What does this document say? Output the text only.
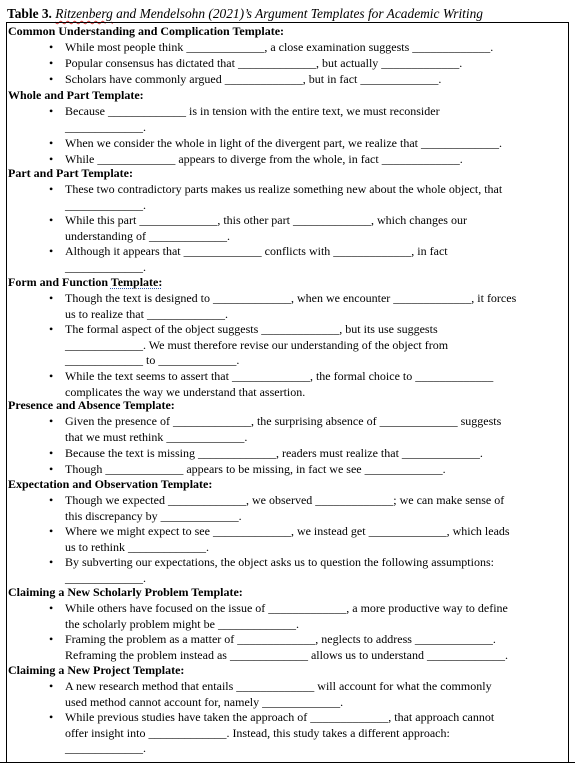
Table 3. Ritzenberg and Mendelsohn (2021)’s Argument Templates for Academic Writing
Common Understanding and Complication Template:
• While most people think _____________, a close examination suggests _____________.
• Popular consensus has dictated that _____________, but actually _____________.
• Scholars have commonly argued _____________, but in fact _____________.
Whole and Part Template:
• Because _____________ is in tension with the entire text, we must reconsider
_____________.
• When we consider the whole in light of the divergent part, we realize that _____________.
• While _____________ appears to diverge from the whole, in fact _____________.
Part and Part Template:
• These two contradictory parts makes us realize something new about the whole object, that
_____________.
• While this part _____________, this other part _____________, which changes our
understanding of _____________.
• Although it appears that _____________ conflicts with _____________, in fact
_____________.
Form and Function Template:
• Though the text is designed to _____________, when we encounter _____________, it forces
us to realize that _____________.
• The formal aspect of the object suggests _____________, but its use suggests
_____________. We must therefore revise our understanding of the object from
_____________ to _____________.
• While the text seems to assert that _____________, the formal choice to _____________
complicates the way we understand that assertion.
Presence and Absence Template:
• Given the presence of _____________, the surprising absence of _____________ suggests
that we must rethink _____________.
• Because the text is missing _____________, readers must realize that _____________.
• Though _____________ appears to be missing, in fact we see _____________.
Expectation and Observation Template:
• Though we expected _____________, we observed _____________; we can make sense of
this discrepancy by _____________.
• Where we might expect to see _____________, we instead get _____________, which leads
us to rethink _____________.
• By subverting our expectations, the object asks us to question the following assumptions:
_____________.
Claiming a New Scholarly Problem Template:
• While others have focused on the issue of _____________, a more productive way to define
the scholarly problem might be _____________.
• Framing the problem as a matter of _____________, neglects to address _____________.
Reframing the problem instead as _____________ allows us to understand _____________.
Claiming a New Project Template:
• A new research method that entails _____________ will account for what the commonly
used method cannot account for, namely _____________.
• While previous studies have taken the approach of _____________, that approach cannot
offer insight into _____________. Instead, this study takes a different approach:
_____________.
